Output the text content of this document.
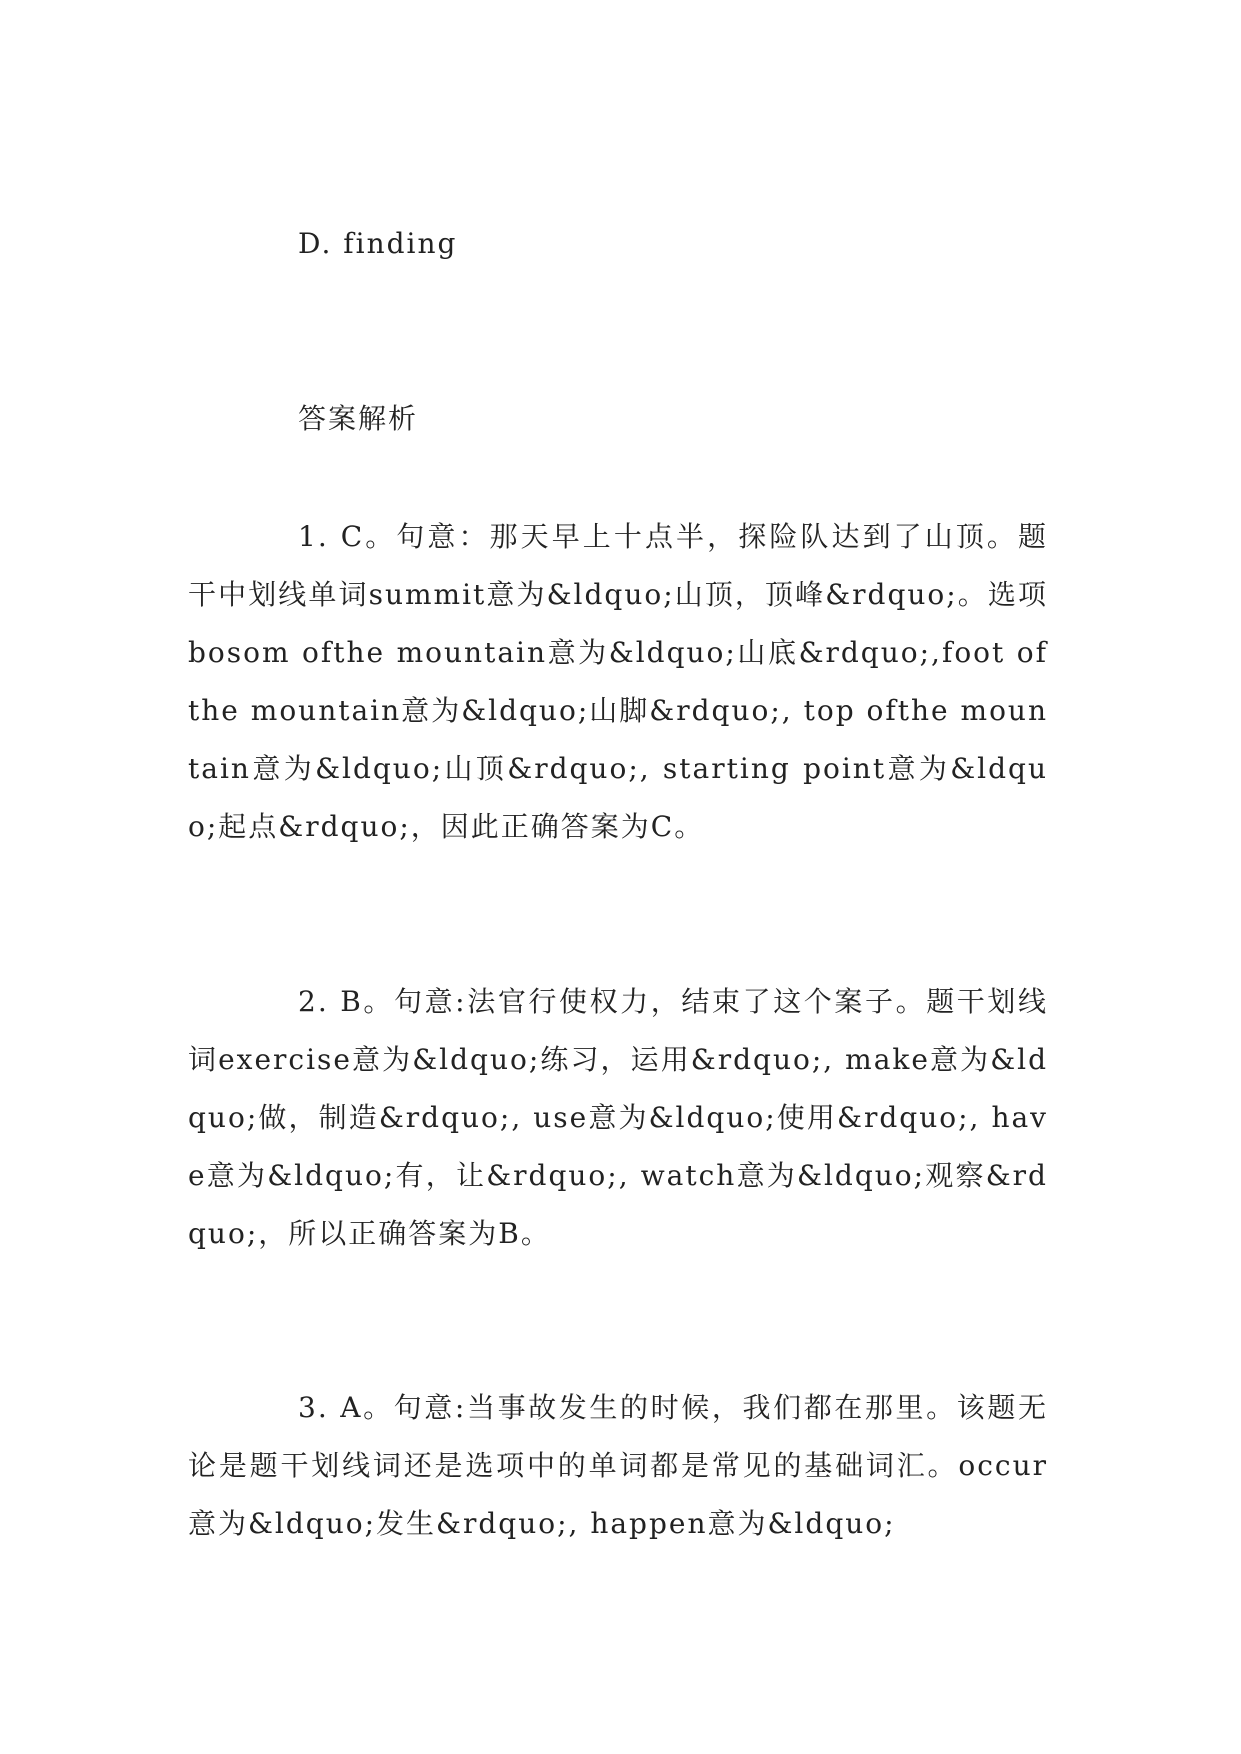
D. finding
答案解析
1. C。句意：那天早上十点半，探险队达到了山顶。题干中划线单词summit意为&ldquo;山顶，顶峰&rdquo;。选项bosom ofthe mountain意为&ldquo;山底&rdquo;,foot ofthe mountain意为&ldquo;山脚&rdquo;, top ofthe mountain意为&ldquo;山顶&rdquo;, starting point意为&ldquo;起点&rdquo;，因此正确答案为C。
2. B。句意:法官行使权力，结束了这个案子。题干划线词exercise意为&ldquo;练习，运用&rdquo;, make意为&ldquo;做，制造&rdquo;, use意为&ldquo;使用&rdquo;, have意为&ldquo;有，让&rdquo;, watch意为&ldquo;观察&rdquo;，所以正确答案为B。
3. A。句意:当事故发生的时候，我们都在那里。该题无论是题干划线词还是选项中的单词都是常见的基础词汇。occur意为&ldquo;发生&rdquo;, happen意为&ldquo;
